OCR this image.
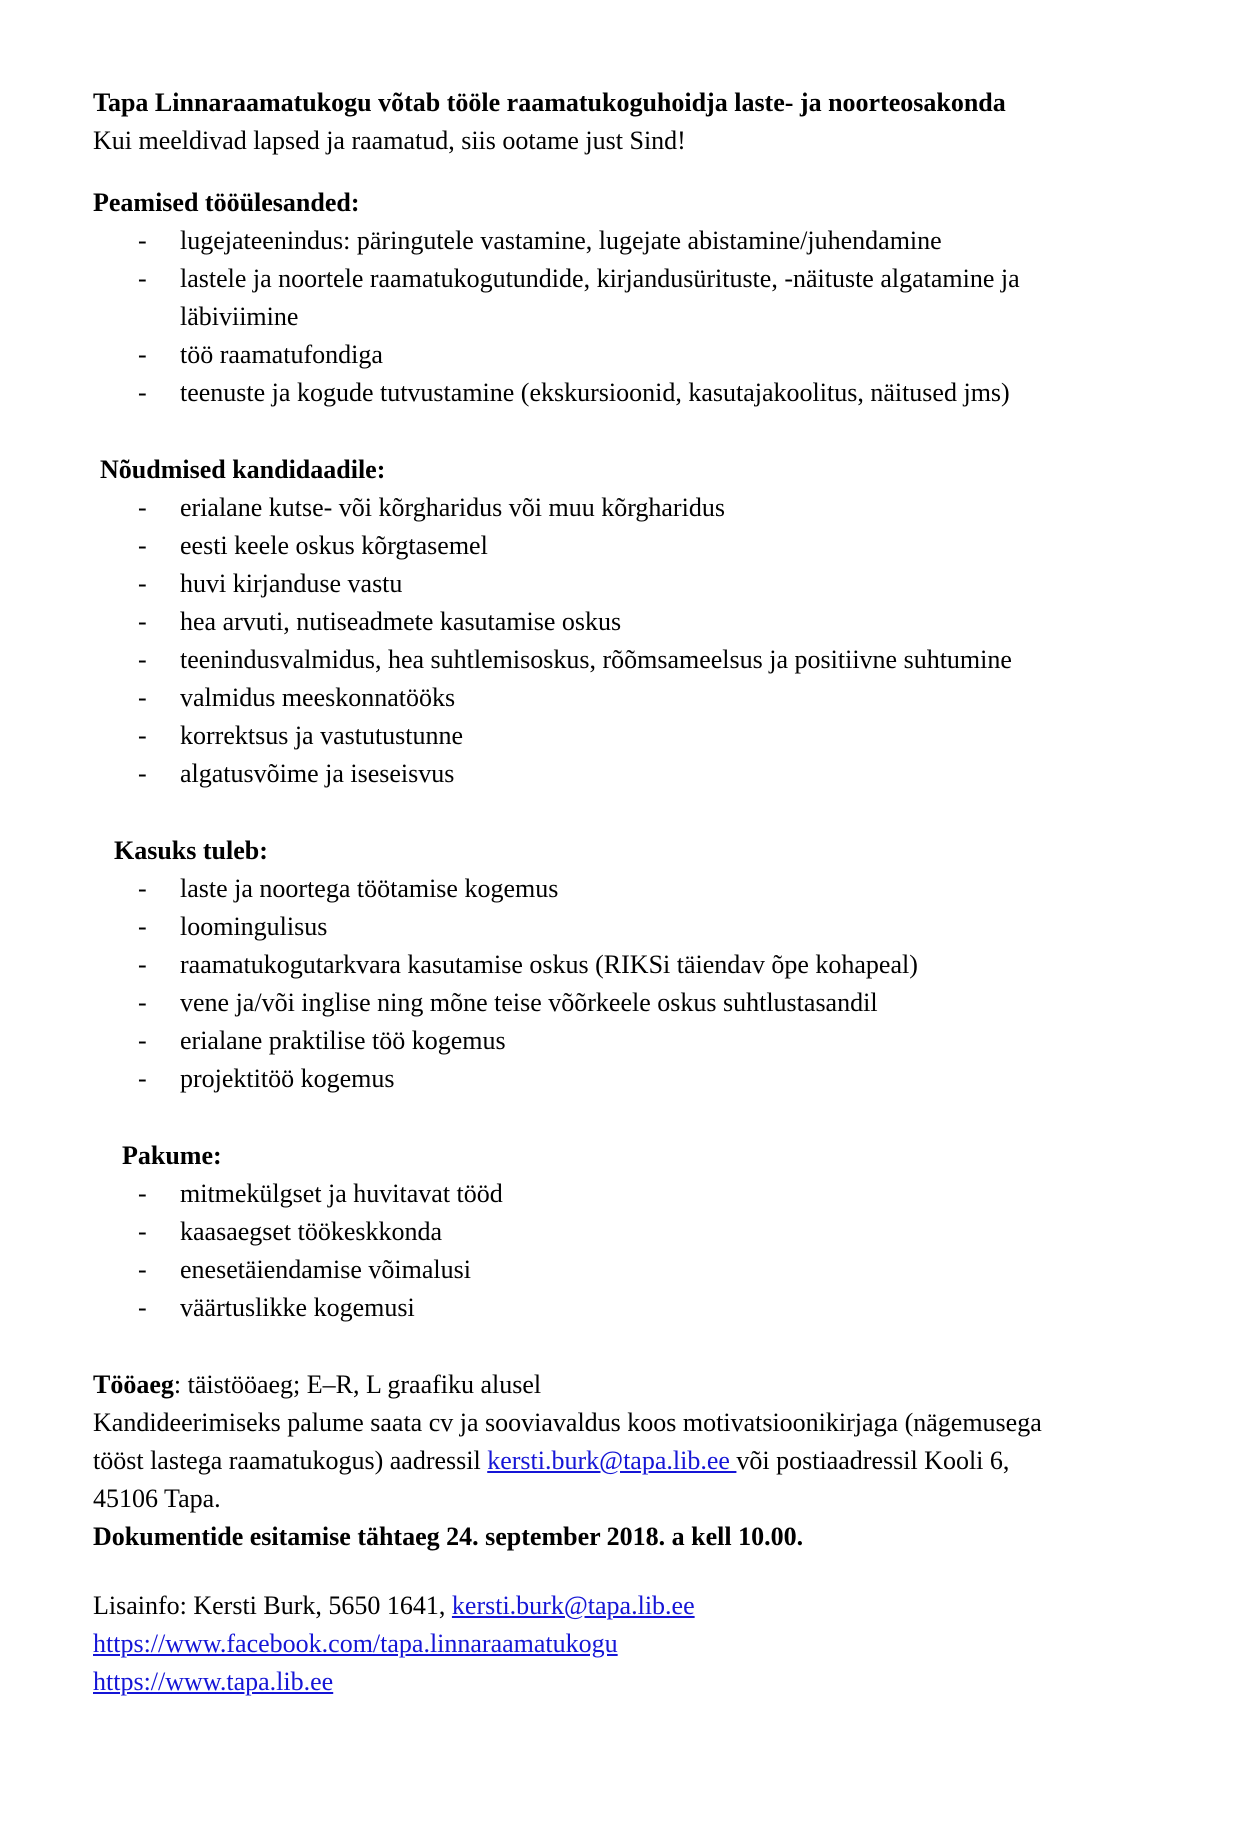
Tapa Linnaraamatukogu võtab tööle raamatukoguhoidja laste- ja noorteosakonda
Kui meeldivad lapsed ja raamatud, siis ootame just Sind!
Peamised tööülesanded:
- lugejateenindus: päringutele vastamine, lugejate abistamine/juhendamine
- lastele ja noortele raamatukogutundide, kirjandusürituste, -näituste algatamine ja
läbiviimine
- töö raamatufondiga
- teenuste ja kogude tutvustamine (ekskursioonid, kasutajakoolitus, näitused jms)
Nõudmised kandidaadile:
- erialane kutse- või kõrgharidus või muu kõrgharidus
- eesti keele oskus kõrgtasemel
- huvi kirjanduse vastu
- hea arvuti, nutiseadmete kasutamise oskus
- teenindusvalmidus, hea suhtlemisoskus, rõõmsameelsus ja positiivne suhtumine
- valmidus meeskonnatööks
- korrektsus ja vastutustunne
- algatusvõime ja iseseisvus
Kasuks tuleb:
- laste ja noortega töötamise kogemus
- loomingulisus
- raamatukogutarkvara kasutamise oskus (RIKSi täiendav õpe kohapeal)
- vene ja/või inglise ning mõne teise võõrkeele oskus suhtlustasandil
- erialane praktilise töö kogemus
- projektitöö kogemus
Pakume:
- mitmekülgset ja huvitavat tööd
- kaasaegset töökeskkonda
- enesetäiendamise võimalusi
- väärtuslikke kogemusi
Tööaeg: täistööaeg; E–R, L graafiku alusel
Kandideerimiseks palume saata cv ja sooviavaldus koos motivatsioonikirjaga (nägemusega
tööst lastega raamatukogus) aadressil kersti.burk@tapa.lib.ee või postiaadressil Kooli 6,
45106 Tapa.
Dokumentide esitamise tähtaeg 24. september 2018. a kell 10.00.
Lisainfo: Kersti Burk, 5650 1641, kersti.burk@tapa.lib.ee
https://www.facebook.com/tapa.linnaraamatukogu
https://www.tapa.lib.ee
